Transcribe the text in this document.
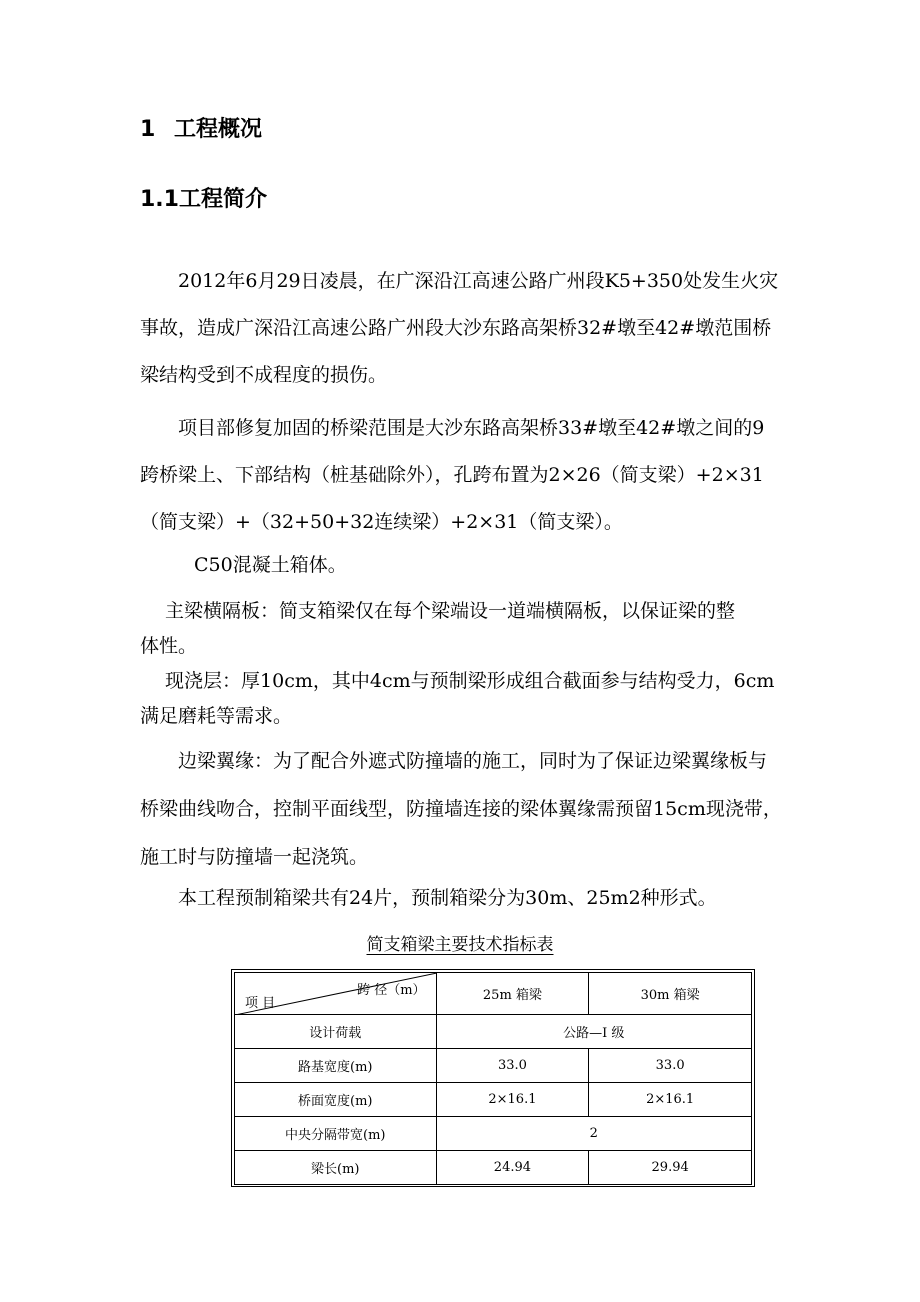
1 工程概况
1.1工程简介
　　2012年6月29日凌晨，在广深沿江高速公路广州段K5+350处发生火灾
事故，造成广深沿江高速公路广州段大沙东路高架桥32#墩至42#墩范围桥
梁结构受到不成程度的损伤。
　　项目部修复加固的桥梁范围是大沙东路高架桥33#墩至42#墩之间的9
跨桥梁上、下部结构（桩基础除外），孔跨布置为2×26（简支梁）+2×31
（简支梁）+（32+50+32连续梁）+2×31（简支梁）。
C50混凝土箱体。
　 主梁横隔板：简支箱梁仅在每个梁端设一道端横隔板，以保证梁的整
体性。
　 现浇层：厚10cm，其中4cm与预制梁形成组合截面参与结构受力，6cm
满足磨耗等需求。
　　边梁翼缘：为了配合外遮式防撞墙的施工，同时为了保证边梁翼缘板与
桥梁曲线吻合，控制平面线型，防撞墙连接的梁体翼缘需预留15cm现浇带，
施工时与防撞墙一起浇筑。
　　本工程预制箱梁共有24片，预制箱梁分为30m、25m2种形式。
简支箱梁主要技术指标表
跨 径（m）
项 目	25m 箱梁	30m 箱梁
设计荷载	公路—I 级	
路基宽度(m)	33.0	33.0
桥面宽度(m)	2×16.1	2×16.1
中央分隔带宽(m)	2	
梁长(m)	24.94	29.94
